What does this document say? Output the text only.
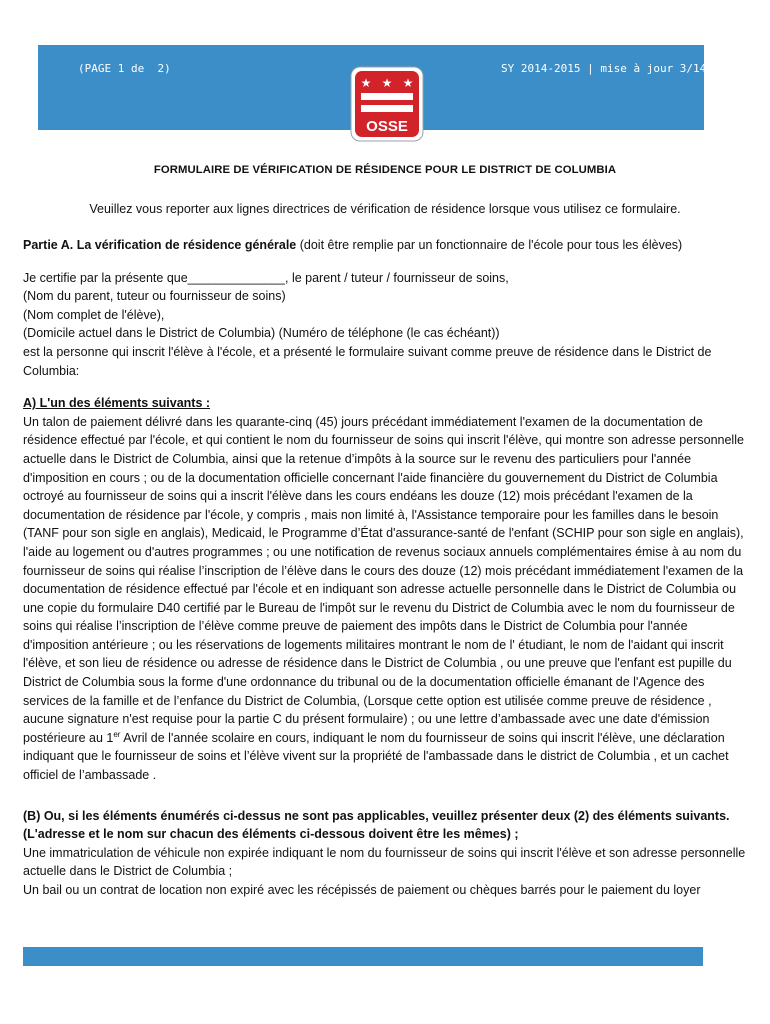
(PAGE 1 de  2)	SY 2014-2015 | mise à jour 3/14
★ ★ ★
OSSE
FORMULAIRE DE VÉRIFICATION DE RÉSIDENCE POUR LE DISTRICT DE COLUMBIA
Veuillez vous reporter aux lignes directrices de vérification de résidence lorsque vous utilisez ce formulaire.

Partie A. La vérification de résidence générale (doit être remplie par un fonctionnaire de l'école pour tous les élèves)

Je certifie par la présente que______________, le parent / tuteur / fournisseur de soins,

(Nom du parent, tuteur ou fournisseur de soins)

(Nom complet de l'élève),

(Domicile actuel dans le District de Columbia) (Numéro de téléphone (le cas échéant))

est la personne qui inscrit l'élève à l'école, et a présenté le formulaire suivant comme preuve de résidence dans le District de Columbia:

A) L'un des éléments suivants :

Un talon de paiement délivré dans les quarante-cinq (45) jours précédant immédiatement l'examen de la documentation de résidence effectué par l'école, et qui contient le nom du fournisseur de soins qui inscrit l'élève, qui montre son adresse personnelle actuelle dans le District de Columbia, ainsi que la retenue d’impôts à la source sur le revenu des particuliers pour l'année d'imposition en cours ; ou de la documentation officielle concernant l'aide financière du gouvernement du District de Columbia octroyé au fournisseur de soins qui a inscrit l'élève dans les cours endéans les douze (12) mois précédant l'examen de la documentation de résidence par l'école, y compris , mais non limité à, l'Assistance temporaire pour les familles dans le besoin (TANF pour son sigle en anglais), Medicaid, le Programme d’État d'assurance-santé de l'enfant (SCHIP pour son sigle en anglais), l'aide au logement ou d'autres programmes ; ou une notification de revenus sociaux annuels complémentaires émise à au nom du fournisseur de soins qui réalise l’inscription de l’élève dans le cours des douze (12) mois précédant immédiatement l'examen de la documentation de résidence effectué par l'école et en indiquant son adresse actuelle personnelle dans le District de Columbia ou une copie du formulaire D40 certifié par le Bureau de l'impôt sur le revenu du District de Columbia avec le nom du fournisseur de soins qui réalise l’inscription de l’élève comme preuve de paiement des impôts dans le District de Columbia pour l'année d'imposition antérieure ; ou les réservations de logements militaires montrant le nom de l' étudiant, le nom de l'aidant qui inscrit l'élève, et son lieu de résidence ou adresse de résidence dans le District de Columbia , ou une preuve que l'enfant est pupille du District de Columbia sous la forme d'une ordonnance du tribunal ou de la documentation officielle émanant de l'Agence des services de la famille et de l’enfance du District de Columbia, (Lorsque cette option est utilisée comme preuve de résidence , aucune signature n'est requise pour la partie C du présent formulaire) ; ou une lettre d’ambassade avec une date d'émission postérieure au 1er Avril de l'année scolaire en cours, indiquant le nom du fournisseur de soins qui inscrit l'élève, une déclaration indiquant que le fournisseur de soins et l’élève vivent sur la propriété de l'ambassade dans le district de Columbia , et un cachet officiel de l’ambassade .

(B) Ou, si les éléments énumérés ci-dessus ne sont pas applicables, veuillez présenter deux (2) des éléments suivants.

(L'adresse et le nom sur chacun des éléments ci-dessous doivent être les mêmes) ;

Une immatriculation de véhicule non expirée indiquant le nom du fournisseur de soins qui inscrit l'élève et son adresse personnelle actuelle dans le District de Columbia ;

Un bail ou un contrat de location non expiré avec les récépissés de paiement ou chèques barrés pour le paiement du loyer
